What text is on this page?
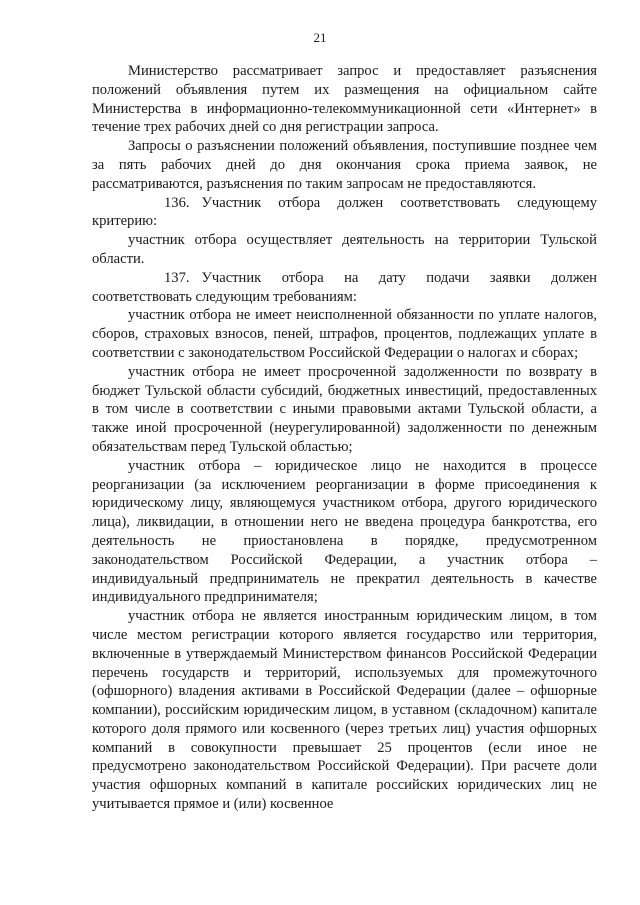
21

Министерство рассматривает запрос и предоставляет разъяснения положений объявления путем их размещения на официальном сайте Министерства в информационно-телекоммуникационной сети «Интернет» в течение трех рабочих дней со дня регистрации запроса.

Запросы о разъяснении положений объявления, поступившие позднее чем за пять рабочих дней до дня окончания срока приема заявок, не рассматриваются, разъяснения по таким запросам не предоставляются.

136. Участник отбора должен соответствовать следующему критерию:

участник отбора осуществляет деятельность на территории Тульской области.

137. Участник отбора на дату подачи заявки должен соответствовать следующим требованиям:

участник отбора не имеет неисполненной обязанности по уплате налогов, сборов, страховых взносов, пеней, штрафов, процентов, подлежащих уплате в соответствии с законодательством Российской Федерации о налогах и сборах;

участник отбора не имеет просроченной задолженности по возврату в бюджет Тульской области субсидий, бюджетных инвестиций, предоставленных в том числе в соответствии с иными правовыми актами Тульской области, а также иной просроченной (неурегулированной) задолженности по денежным обязательствам перед Тульской областью;

участник отбора – юридическое лицо не находится в процессе реорганизации (за исключением реорганизации в форме присоединения к юридическому лицу, являющемуся участником отбора, другого юридического лица), ликвидации, в отношении него не введена процедура банкротства, его деятельность не приостановлена в порядке, предусмотренном законодательством Российской Федерации, а участник отбора – индивидуальный предприниматель не прекратил деятельность в качестве индивидуального предпринимателя;

участник отбора не является иностранным юридическим лицом, в том числе местом регистрации которого является государство или территория, включенные в утверждаемый Министерством финансов Российской Федерации перечень государств и территорий, используемых для промежуточного (офшорного) владения активами в Российской Федерации (далее – офшорные компании), российским юридическим лицом, в уставном (складочном) капитале которого доля прямого или косвенного (через третьих лиц) участия офшорных компаний в совокупности превышает 25 процентов (если иное не предусмотрено законодательством Российской Федерации). При расчете доли участия офшорных компаний в капитале российских юридических лиц не учитывается прямое и (или) косвенное
